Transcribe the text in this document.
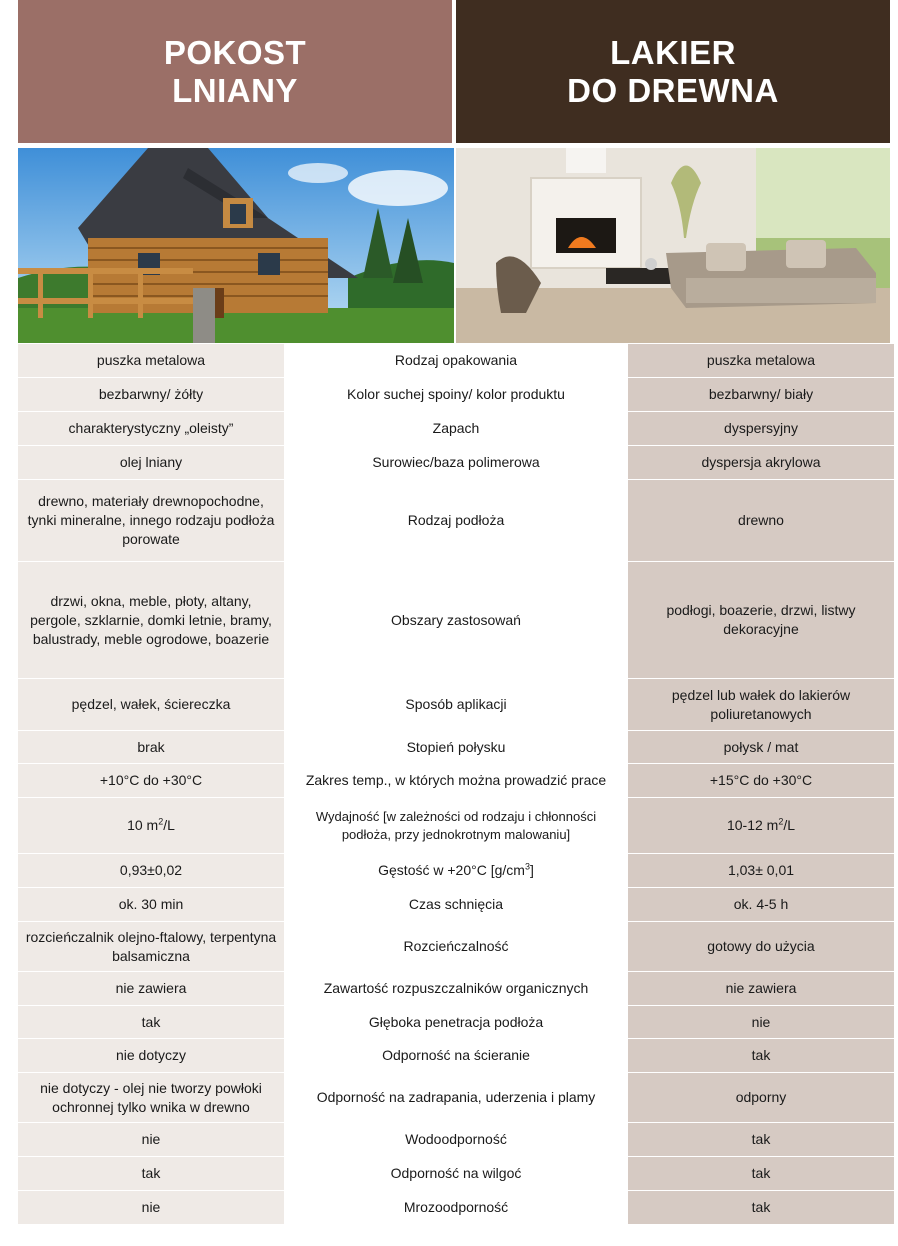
POKOST
LNIANY
LAKIER
DO DREWNA
puszka metalowa	Rodzaj opakowania	puszka metalowa
bezbarwny/ żółty	Kolor suchej spoiny/ kolor produktu	bezbarwny/ biały
charakterystyczny „oleisty”	Zapach	dyspersyjny
olej lniany	Surowiec/baza polimerowa	dyspersja akrylowa
drewno, materiały drewnopochodne, tynki mineralne, innego rodzaju podłoża porowate	Rodzaj podłoża	drewno
drzwi, okna, meble, płoty, altany, pergole, szklarnie, domki letnie, bramy, balustrady, meble ogrodowe, boazerie	Obszary zastosowań	podłogi, boazerie, drzwi, listwy dekoracyjne
pędzel, wałek, ściereczka	Sposób aplikacji	pędzel lub wałek do lakierów poliuretanowych
brak	Stopień połysku	połysk / mat
+10°C do +30°C	Zakres temp., w których można prowadzić prace	+15°C do +30°C
10 $m^2/L$	Wydajność [w zależności od rodzaju i chłonności podłoża, przy jednokrotnym malowaniu]	10-12 $m^2/L$
0,93±0,02	Gęstość w +20°C $[g/cm^3]$	1,03± 0,01
ok. 30 min	Czas schnięcia	ok. 4-5 h
rozcieńczalnik olejno-ftalowy, terpentyna balsamiczna	Rozcieńczalność	gotowy do użycia
nie zawiera	Zawartość rozpuszczalników organicznych	nie zawiera
tak	Głęboka penetracja podłoża	nie
nie dotyczy	Odporność na ścieranie	tak
nie dotyczy - olej nie tworzy powłoki ochronnej tylko wnika w drewno	Odporność na zadrapania, uderzenia i plamy	odporny
nie	Wodoodporność	tak
tak	Odporność na wilgoć	tak
nie	Mrozoodporność	tak
